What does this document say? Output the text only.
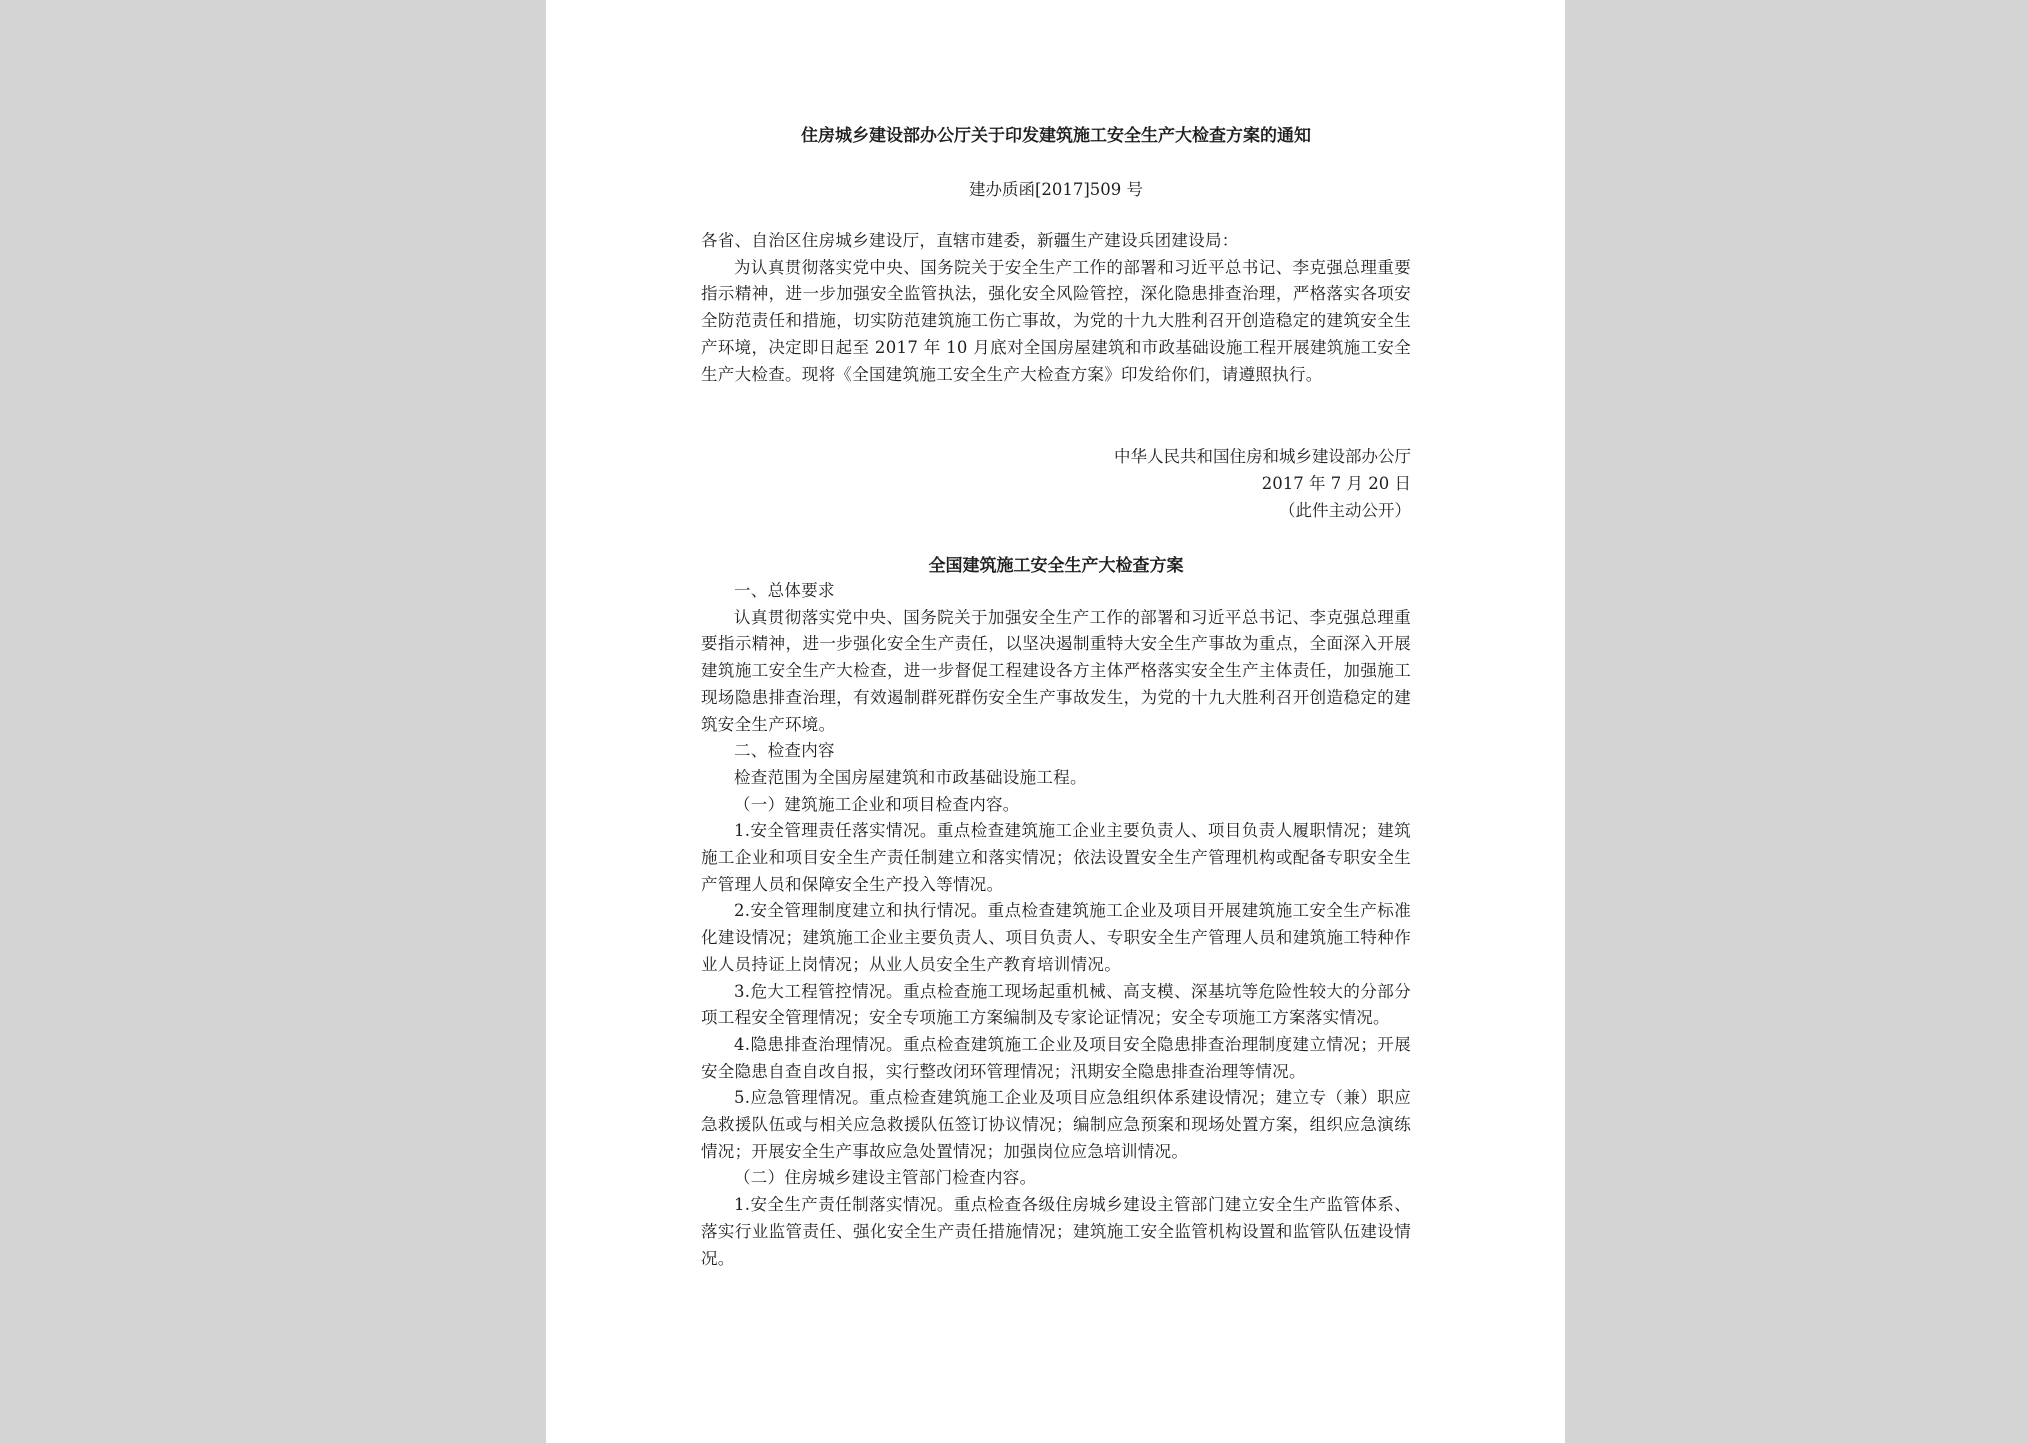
住房城乡建设部办公厅关于印发建筑施工安全生产大检查方案的通知
建办质函[2017]509 号

各省、自治区住房城乡建设厅，直辖市建委，新疆生产建设兵团建设局：

为认真贯彻落实党中央、国务院关于安全生产工作的部署和习近平总书记、李克强总理重要指示精神，进一步加强安全监管执法，强化安全风险管控，深化隐患排查治理，严格落实各项安全防范责任和措施，切实防范建筑施工伤亡事故，为党的十九大胜利召开创造稳定的建筑安全生产环境，决定即日起至 2017 年 10 月底对全国房屋建筑和市政基础设施工程开展建筑施工安全生产大检查。现将《全国建筑施工安全生产大检查方案》印发给你们，请遵照执行。

中华人民共和国住房和城乡建设部办公厅
2017 年 7 月 20 日
（此件主动公开）
全国建筑施工安全生产大检查方案

一、总体要求

认真贯彻落实党中央、国务院关于加强安全生产工作的部署和习近平总书记、李克强总理重要指示精神，进一步强化安全生产责任，以坚决遏制重特大安全生产事故为重点，全面深入开展建筑施工安全生产大检查，进一步督促工程建设各方主体严格落实安全生产主体责任，加强施工现场隐患排查治理，有效遏制群死群伤安全生产事故发生，为党的十九大胜利召开创造稳定的建筑安全生产环境。

二、检查内容

检查范围为全国房屋建筑和市政基础设施工程。

（一）建筑施工企业和项目检查内容。

1.安全管理责任落实情况。重点检查建筑施工企业主要负责人、项目负责人履职情况；建筑施工企业和项目安全生产责任制建立和落实情况；依法设置安全生产管理机构或配备专职安全生产管理人员和保障安全生产投入等情况。

2.安全管理制度建立和执行情况。重点检查建筑施工企业及项目开展建筑施工安全生产标准化建设情况；建筑施工企业主要负责人、项目负责人、专职安全生产管理人员和建筑施工特种作业人员持证上岗情况；从业人员安全生产教育培训情况。

3.危大工程管控情况。重点检查施工现场起重机械、高支模、深基坑等危险性较大的分部分项工程安全管理情况；安全专项施工方案编制及专家论证情况；安全专项施工方案落实情况。

4.隐患排查治理情况。重点检查建筑施工企业及项目安全隐患排查治理制度建立情况；开展安全隐患自查自改自报，实行整改闭环管理情况；汛期安全隐患排查治理等情况。

5.应急管理情况。重点检查建筑施工企业及项目应急组织体系建设情况；建立专（兼）职应急救援队伍或与相关应急救援队伍签订协议情况；编制应急预案和现场处置方案，组织应急演练情况；开展安全生产事故应急处置情况；加强岗位应急培训情况。

（二）住房城乡建设主管部门检查内容。

1.安全生产责任制落实情况。重点检查各级住房城乡建设主管部门建立安全生产监管体系、落实行业监管责任、强化安全生产责任措施情况；建筑施工安全监管机构设置和监管队伍建设情况。
